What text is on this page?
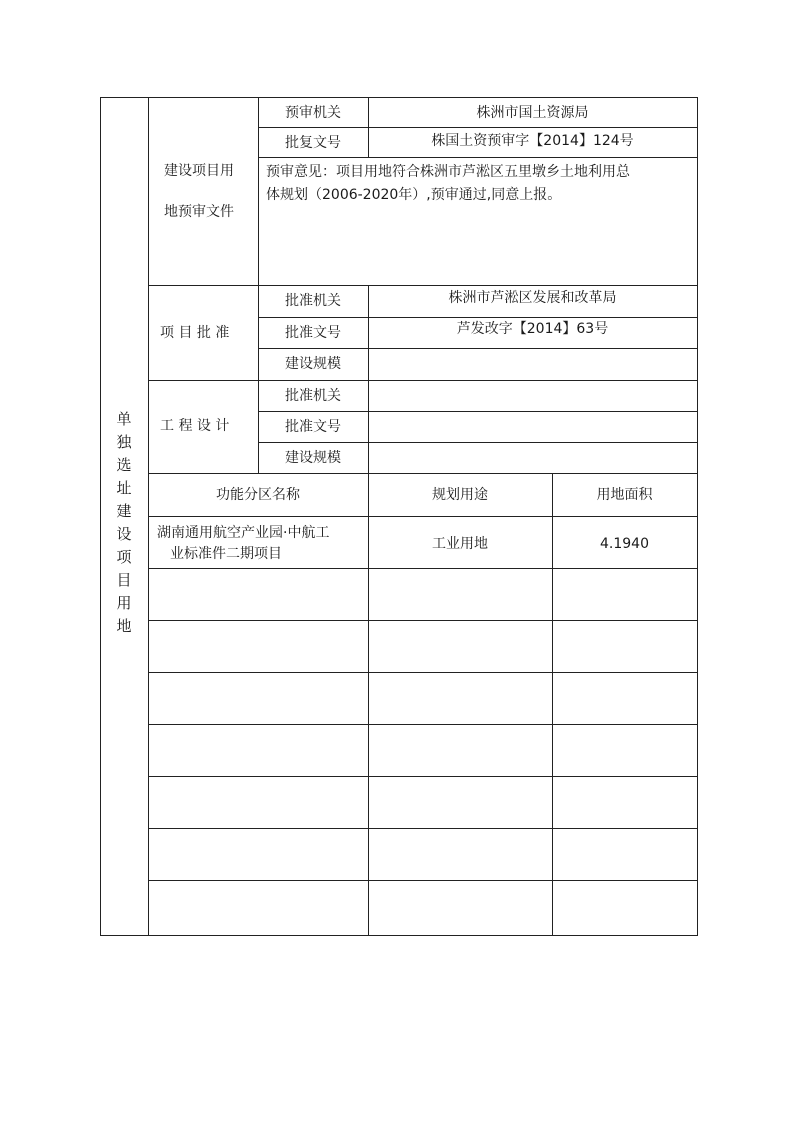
单独选址建设项目用地
建设项目用
地预审文件
预审机关	株洲市国土资源局
批复文号	株国土资预审字【2014】124号
预审意见：项目用地符合株洲市芦淞区五里墩乡土地利用总
体规划（2006-2020年）,预审通过,同意上报。
项 目 批 准
批准机关	株洲市芦淞区发展和改革局
批准文号	芦发改字【2014】63号
建设规模
工 程 设 计
批准机关
批准文号
建设规模
功能分区名称	规划用途	用地面积
湖南通用航空产业园·中航工
业标准件二期项目
工业用地	4.1940
